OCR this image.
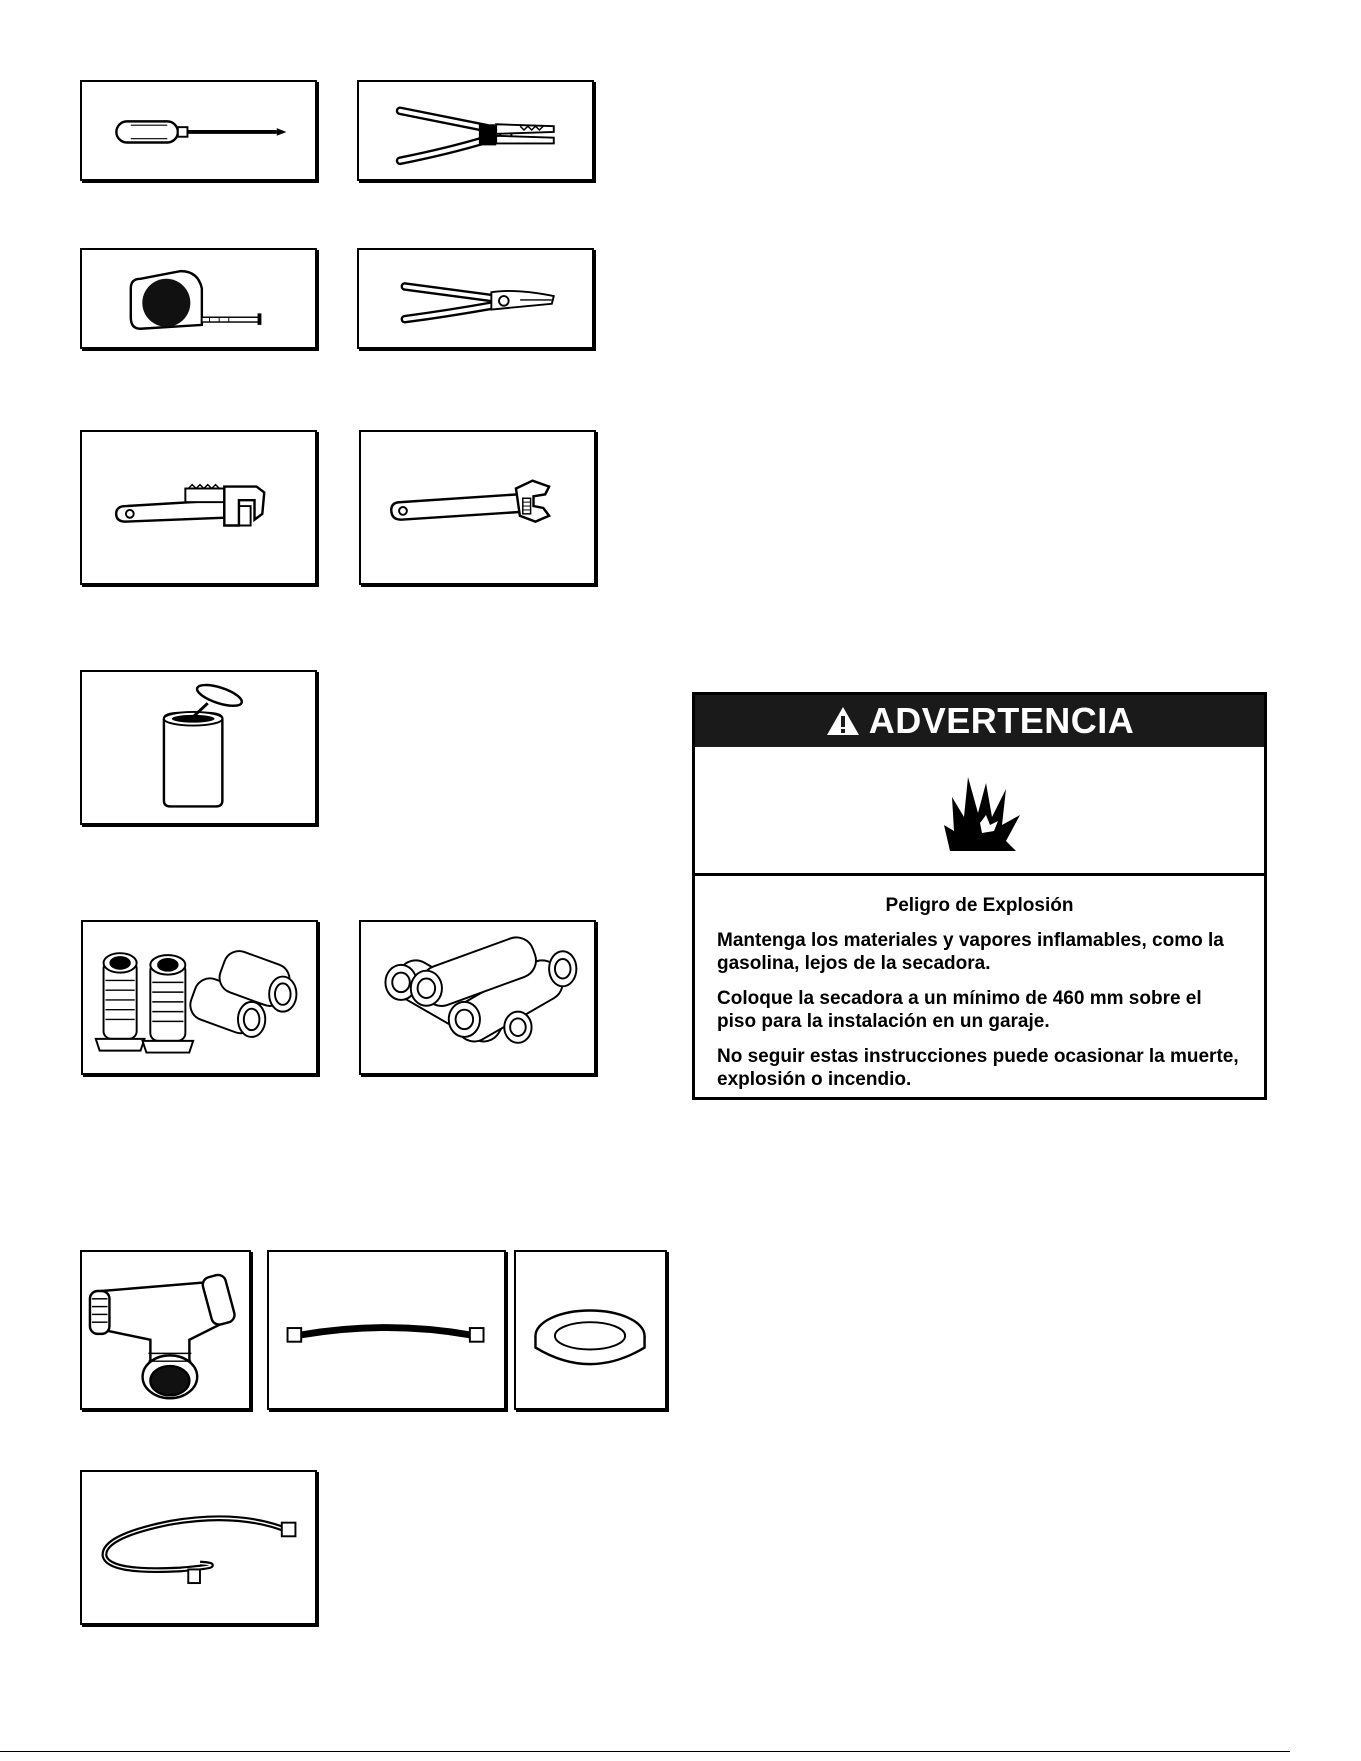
ADVERTENCIA
Peligro de Explosión

Mantenga los materiales y vapores inflamables, como la gasolina, lejos de la secadora.

Coloque la secadora a un mínimo de 460 mm sobre el piso para la instalación en un garaje.

No seguir estas instrucciones puede ocasionar la muerte, explosión o incendio.
